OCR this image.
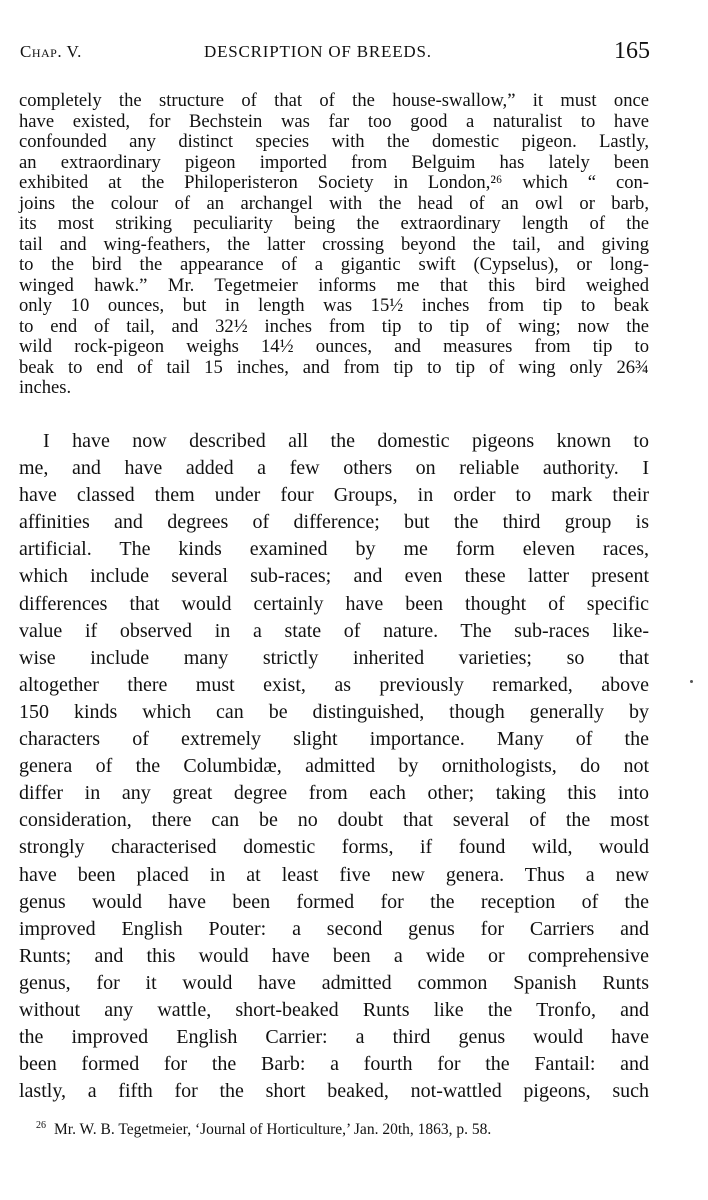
Chap. V.	DESCRIPTION OF BREEDS.	165
completely the structure of that of the house-swallow,” it must once
have existed, for Bechstein was far too good a naturalist to have
confounded any distinct species with the domestic pigeon. Lastly,
an extraordinary pigeon imported from Belguim has lately been
exhibited at the Philoperisteron Society in London,²⁶ which “ con-
joins the colour of an archangel with the head of an owl or barb,
its most striking peculiarity being the extraordinary length of the
tail and wing-feathers, the latter crossing beyond the tail, and giving
to the bird the appearance of a gigantic swift (Cypselus), or long-
winged hawk.” Mr. Tegetmeier informs me that this bird weighed
only 10 ounces, but in length was 15½ inches from tip to beak
to end of tail, and 32½ inches from tip to tip of wing; now the
wild rock-pigeon weighs 14½ ounces, and measures from tip to
beak to end of tail 15 inches, and from tip to tip of wing only 26¾
inches.
I have now described all the domestic pigeons known to
me, and have added a few others on reliable authority. I
have classed them under four Groups, in order to mark their
affinities and degrees of difference; but the third group is
artificial. The kinds examined by me form eleven races,
which include several sub-races; and even these latter present
differences that would certainly have been thought of specific
value if observed in a state of nature. The sub-races like-
wise include many strictly inherited varieties; so that
altogether there must exist, as previously remarked, above
150 kinds which can be distinguished, though generally by
characters of extremely slight importance. Many of the
genera of the Columbidæ, admitted by ornithologists, do not
differ in any great degree from each other; taking this into
consideration, there can be no doubt that several of the most
strongly characterised domestic forms, if found wild, would
have been placed in at least five new genera. Thus a new
genus would have been formed for the reception of the
improved English Pouter: a second genus for Carriers and
Runts; and this would have been a wide or comprehensive
genus, for it would have admitted common Spanish Runts
without any wattle, short-beaked Runts like the Tronfo, and
the improved English Carrier: a third genus would have
been formed for the Barb: a fourth for the Fantail: and
lastly, a fifth for the short beaked, not-wattled pigeons, such
$^{26}$ Mr. W. B. Tegetmeier, ‘Journal of Horticulture,’ Jan. 20th, 1863, p. 58.
